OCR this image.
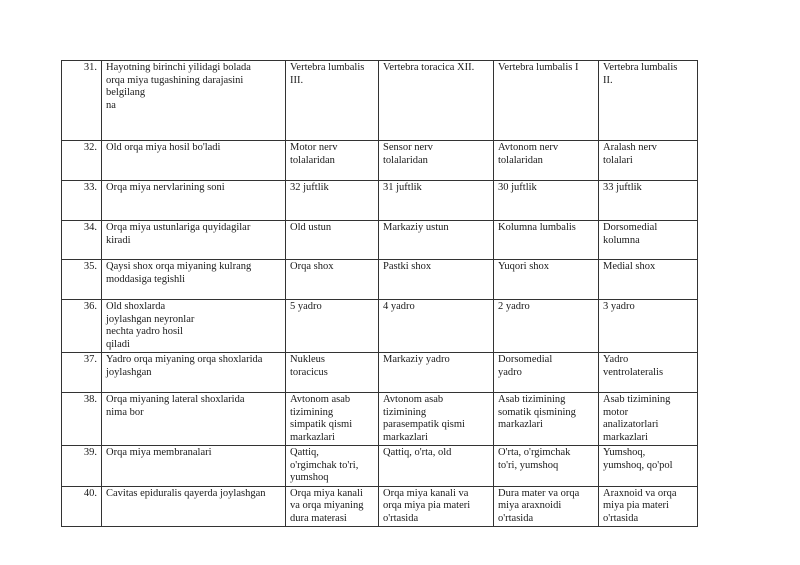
31.	Hayotning birinchi yilidagi bolada
orqa miya tugashining darajasini
belgilang
na	Vertebra lumbalis
III.	Vertebra toracica XII.	Vertebra lumbalis I	Vertebra lumbalis
II.
32.	Old orqa miya hosil bo'ladi	Motor nerv
tolalaridan	Sensor nerv
tolalaridan	Avtonom nerv
tolalaridan	Aralash nerv
tolalari
33.	Orqa miya nervlarining soni	32 juftlik	31 juftlik	30 juftlik	33 juftlik
34.	Orqa miya ustunlariga quyidagilar
kiradi	Old ustun	Markaziy ustun	Kolumna lumbalis	Dorsomedial
kolumna
35.	Qaysi shox orqa miyaning kulrang
moddasiga tegishli	Orqa shox	Pastki shox	Yuqori shox	Medial shox
36.	Old shoxlarda
joylashgan neyronlar
nechta yadro hosil
qiladi	5 yadro	4 yadro	2 yadro	3 yadro
37.	Yadro orqa miyaning orqa shoxlarida
joylashgan	Nukleus
toracicus	Markaziy yadro	Dorsomedial
yadro	Yadro
ventrolateralis
38.	Orqa miyaning lateral shoxlarida
nima bor	Avtonom asab
tizimining
simpatik qismi
markazlari	Avtonom asab
tizimining
parasempatik qismi
markazlari	Asab tizimining
somatik qismining
markazlari	Asab tizimining
motor
analizatorlari
markazlari
39.	Orqa miya membranalari	Qattiq,
o'rgimchak to'ri,
yumshoq	Qattiq, o'rta, old	O'rta, o'rgimchak
to'ri, yumshoq	Yumshoq,
yumshoq, qo'pol
40.	Cavitas epiduralis qayerda joylashgan	Orqa miya kanali
va orqa miyaning
dura materasi	Orqa miya kanali va
orqa miya pia materi
o'rtasida	Dura mater va orqa
miya araxnoidi
o'rtasida	Araxnoid va orqa
miya pia materi
o'rtasida
